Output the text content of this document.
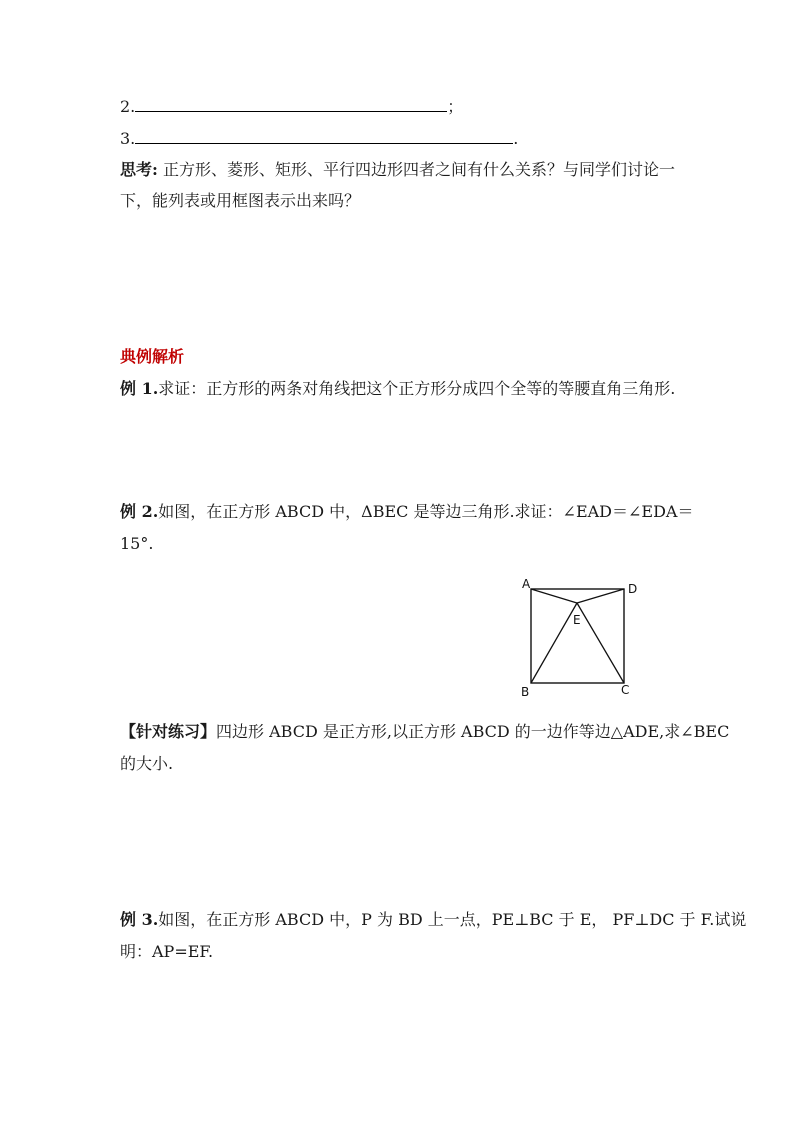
2.	；
3.	.
思考: 正方形、菱形、矩形、平行四边形四者之间有什么关系？与同学们讨论一
下，能列表或用框图表示出来吗？
典例解析
例 1.求证：正方形的两条对角线把这个正方形分成四个全等的等腰直角三角形.
例 2.如图，在正方形 ABCD 中，ΔBEC 是等边三角形.求证：∠EAD＝∠EDA＝
15°.
A	D
E
B	C
【针对练习】四边形 ABCD 是正方形,以正方形 ABCD 的一边作等边△ADE,求∠BEC
的大小.
例 3.如图，在正方形 ABCD 中，P 为 BD 上一点，PE⊥BC 于 E， PF⊥DC 于 F.试说
明：AP=EF.
